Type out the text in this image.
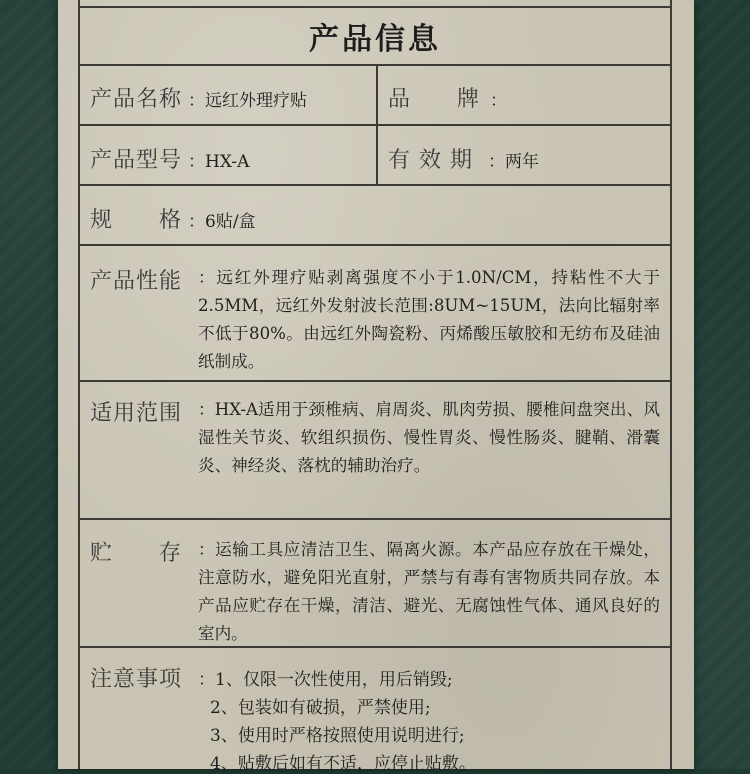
产品信息
产品名称 ：远红外理疗贴	品　　牌 ：
产品型号 ：HX-A	有 效 期 ：两年
规　　格 ：6贴/盒
产品性能 ：远红外理疗贴剥离强度不小于1.0N/CM，持粘性不大于2.5MM，远红外发射波长范围:8UM~15UM，法向比辐射率不低于80%。由远红外陶瓷粉、丙烯酸压敏胶和无纺布及硅油纸制成。
适用范围 ：HX-A适用于颈椎病、肩周炎、肌肉劳损、腰椎间盘突出、风湿性关节炎、软组织损伤、慢性胃炎、慢性肠炎、腱鞘、滑囊炎、神经炎、落枕的辅助治疗。
贮　　存 ：运输工具应清洁卫生、隔离火源。本产品应存放在干燥处，注意防水，避免阳光直射，严禁与有毒有害物质共同存放。本产品应贮存在干燥，清洁、避光、无腐蚀性气体、通风良好的室内。
注意事项 ：1、仅限一次性使用，用后销毁;
2、包装如有破损，严禁使用;
3、使用时严格按照使用说明进行;
4、贴敷后如有不适，应停止贴敷。
